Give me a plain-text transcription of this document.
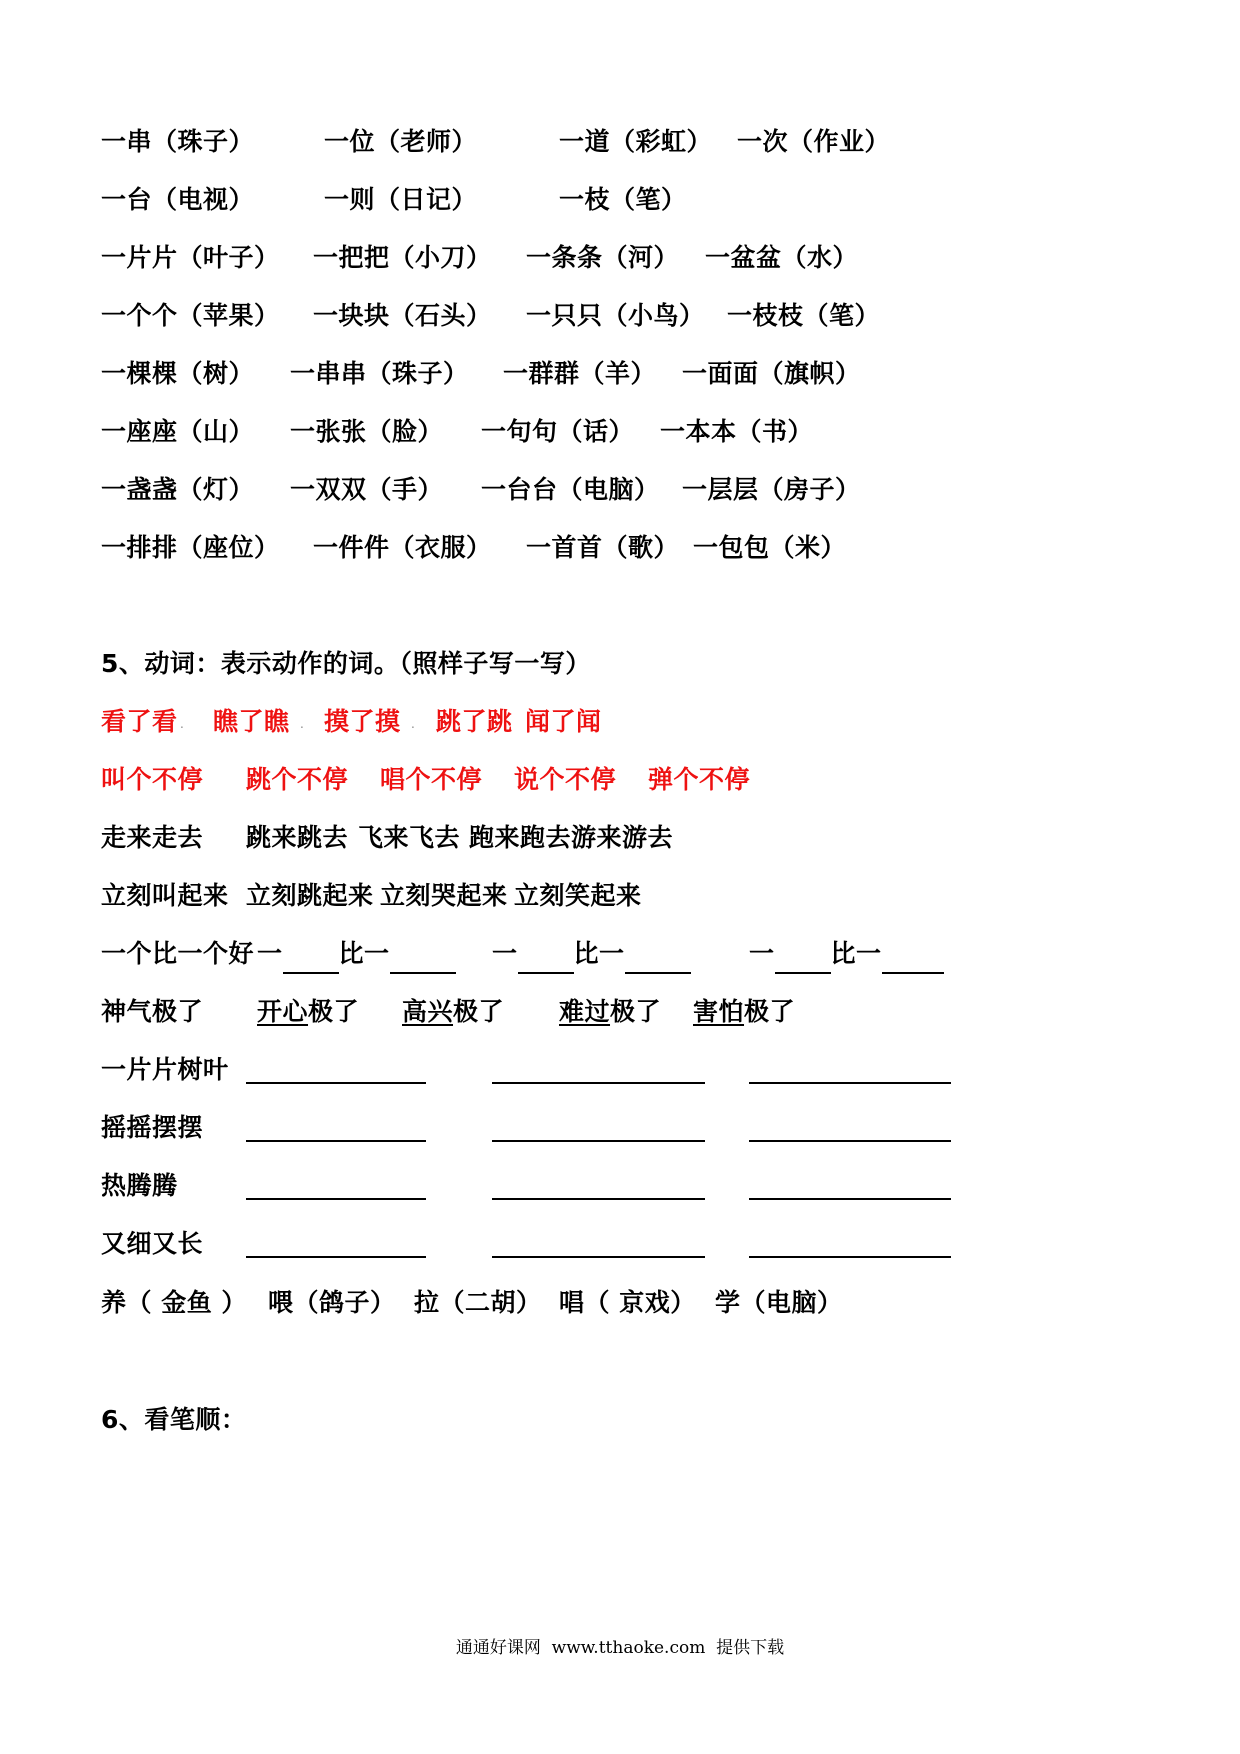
一串（珠子）	一位（老师）	一道（彩虹） 一次（作业）
一台（电视）	一则（日记）	一枝（笔）
一片片（叶子） 一把把（小刀） 一条条（河） 一盆盆（水）
一个个（苹果） 一块块（石头） 一只只（小鸟） 一枝枝（笔）
一棵棵（树） 一串串（珠子） 一群群（羊） 一面面（旗帜）
一座座（山） 一张张（脸） 一句句（话） 一本本（书）
一盏盏（灯） 一双双（手） 一台台（电脑） 一层层（房子）
一排排（座位） 一件件（衣服） 一首首（歌） 一包包（米）
5、动词：表示动作的词。（照样子写一写）
看了看 . 瞧了瞧 . 摸了摸 . 跳了跳 闻了闻
叫个不停 跳个不停 唱个不停 说个不停 弹个不停
走来走去 跳来跳去 飞来飞去 跑来跑去游来游去
立刻叫起来 立刻跳起来 立刻哭起来 立刻笑起来
一个比一个好 一 比一	一 比一	一 比一
神气极了 开心极了 高兴极了	难过极了 害怕极了
一片片树叶
摇摇摆摆
热腾腾
又细又长
养（ 金鱼 ） 喂（鸽子） 拉（二胡） 唱（ 京戏） 学（电脑）
6、看笔顺：
通通好课网  www.tthaoke.com  提供下载
